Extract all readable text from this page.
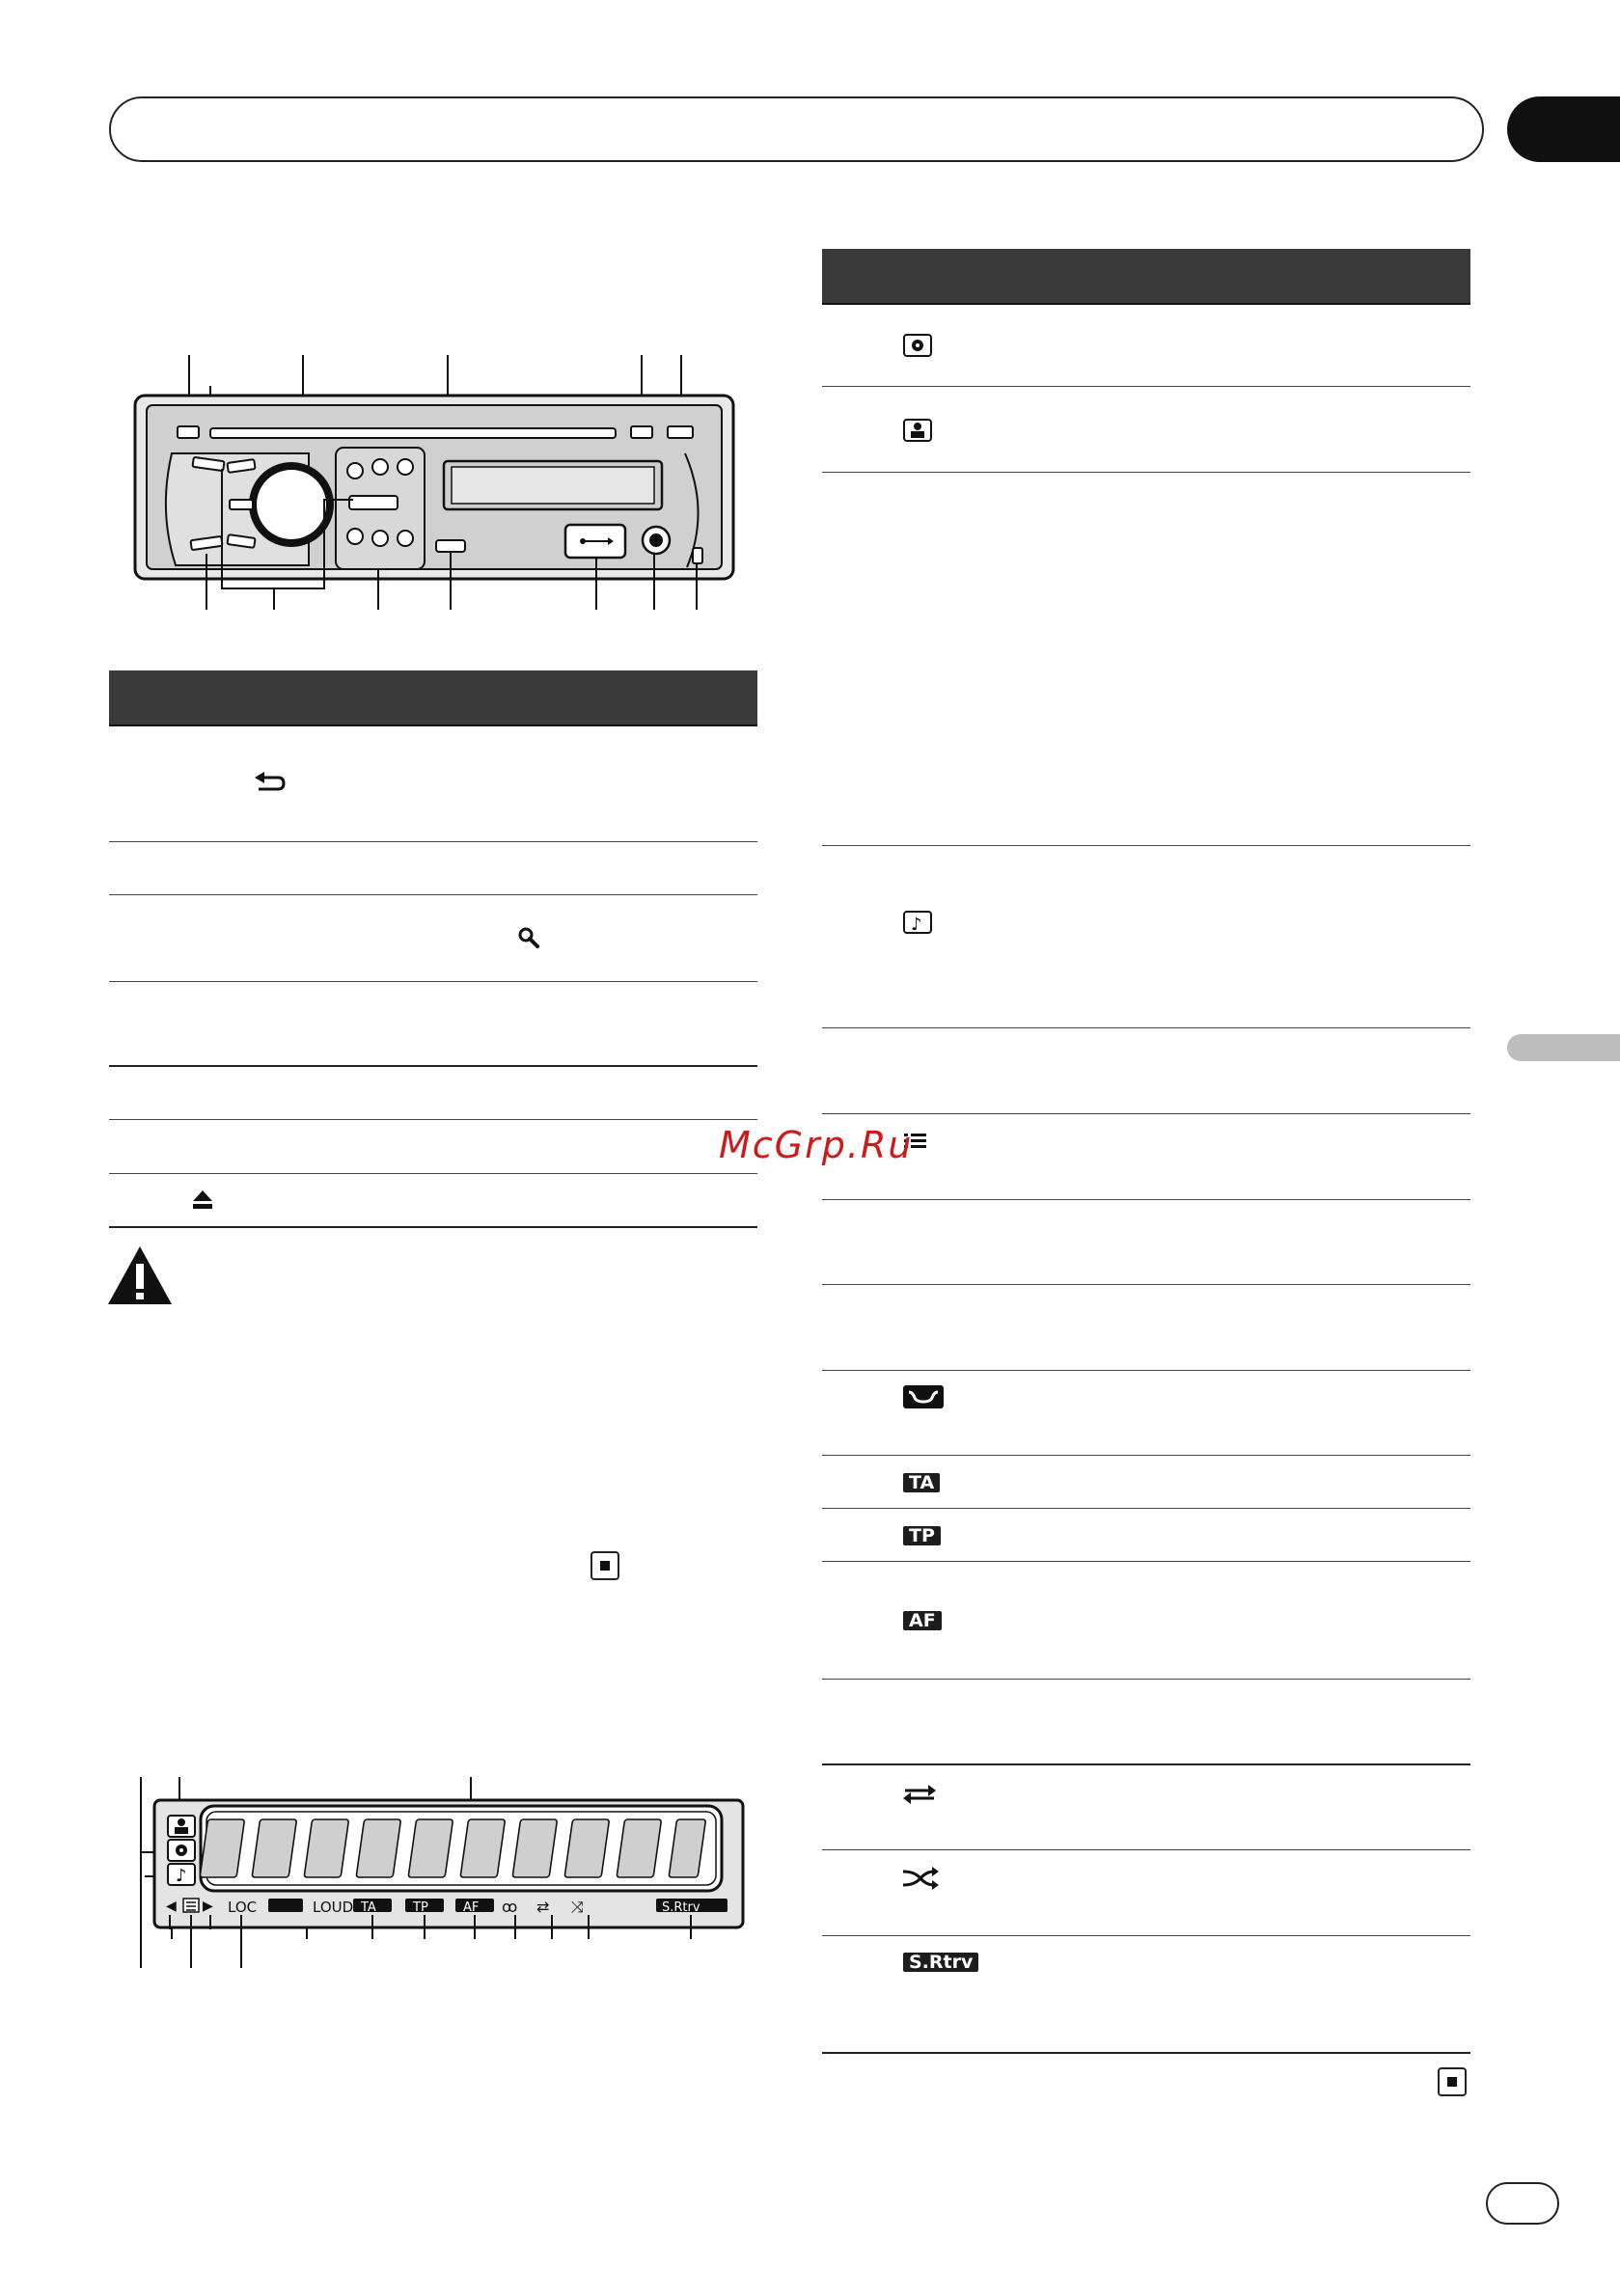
♪
◀ ▶ LOC	LOUD TA	TP	AF ꝏ ⇄ ⤨	S.Rtrv
♪
TA
TP
AF
S.Rtrv
McGrp.Ru
